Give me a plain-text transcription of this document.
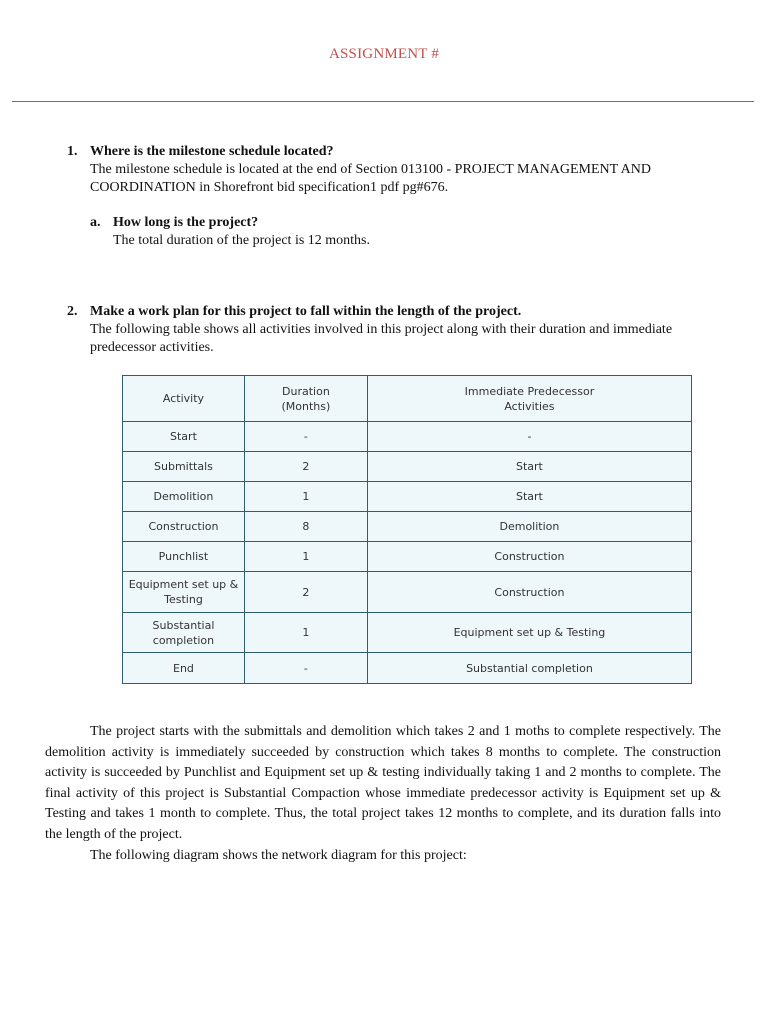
ASSIGNMENT #
1. Where is the milestone schedule located?
The milestone schedule is located at the end of Section 013100 - PROJECT MANAGEMENT AND COORDINATION in Shorefront bid specification1 pdf pg#676.
a. How long is the project?
The total duration of the project is 12 months.
2. Make a work plan for this project to fall within the length of the project.
The following table shows all activities involved in this project along with their duration and immediate predecessor activities.
Activity	Duration (Months)	Immediate Predecessor Activities
Start	-	-
Submittals	2	Start
Demolition	1	Start
Construction	8	Demolition
Punchlist	1	Construction
Equipment set up & Testing	2	Construction
Substantial completion	1	Equipment set up & Testing
End	-	Substantial completion
The project starts with the submittals and demolition which takes 2 and 1 moths to complete respectively. The demolition activity is immediately succeeded by construction which takes 8 months to complete. The construction activity is succeeded by Punchlist and Equipment set up & testing individually taking 1 and 2 months to complete. The final activity of this project is Substantial Compaction whose immediate predecessor activity is Equipment set up & Testing and takes 1 month to complete. Thus, the total project takes 12 months to complete, and its duration falls into the length of the project.
The following diagram shows the network diagram for this project:
